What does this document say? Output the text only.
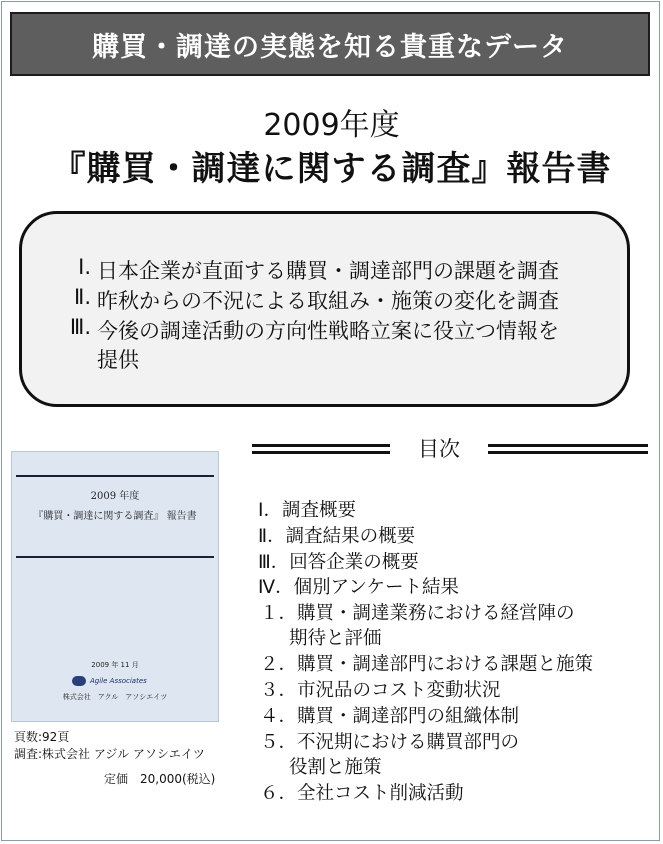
購買・調達の実態を知る貴重なデータ
2009年度
『購買・調達に関する調査』報告書
Ⅰ. 日本企業が直面する購買・調達部門の課題を調査
Ⅱ. 昨秋からの不況による取組み・施策の変化を調査
Ⅲ. 今後の調達活動の方向性戦略立案に役立つ情報を
提供
目次
Ⅰ．調査概要
Ⅱ．調査結果の概要
Ⅲ．回答企業の概要
Ⅳ．個別アンケート結果
１．購買・調達業務における経営陣の
期待と評価
２．購買・調達部門における課題と施策
３．市況品のコスト変動状況
４．購買・調達部門の組織体制
５．不況期における購買部門の
役割と施策
６．全社コスト削減活動
2009 年度
『購買・調達に関する調査』 報告書
2009 年 11 月
Agile Associates
株式会社　アクル　アソシエイツ
頁数:92頁
調査:株式会社 アジル アソシエイツ
定価　20,000(税込)
